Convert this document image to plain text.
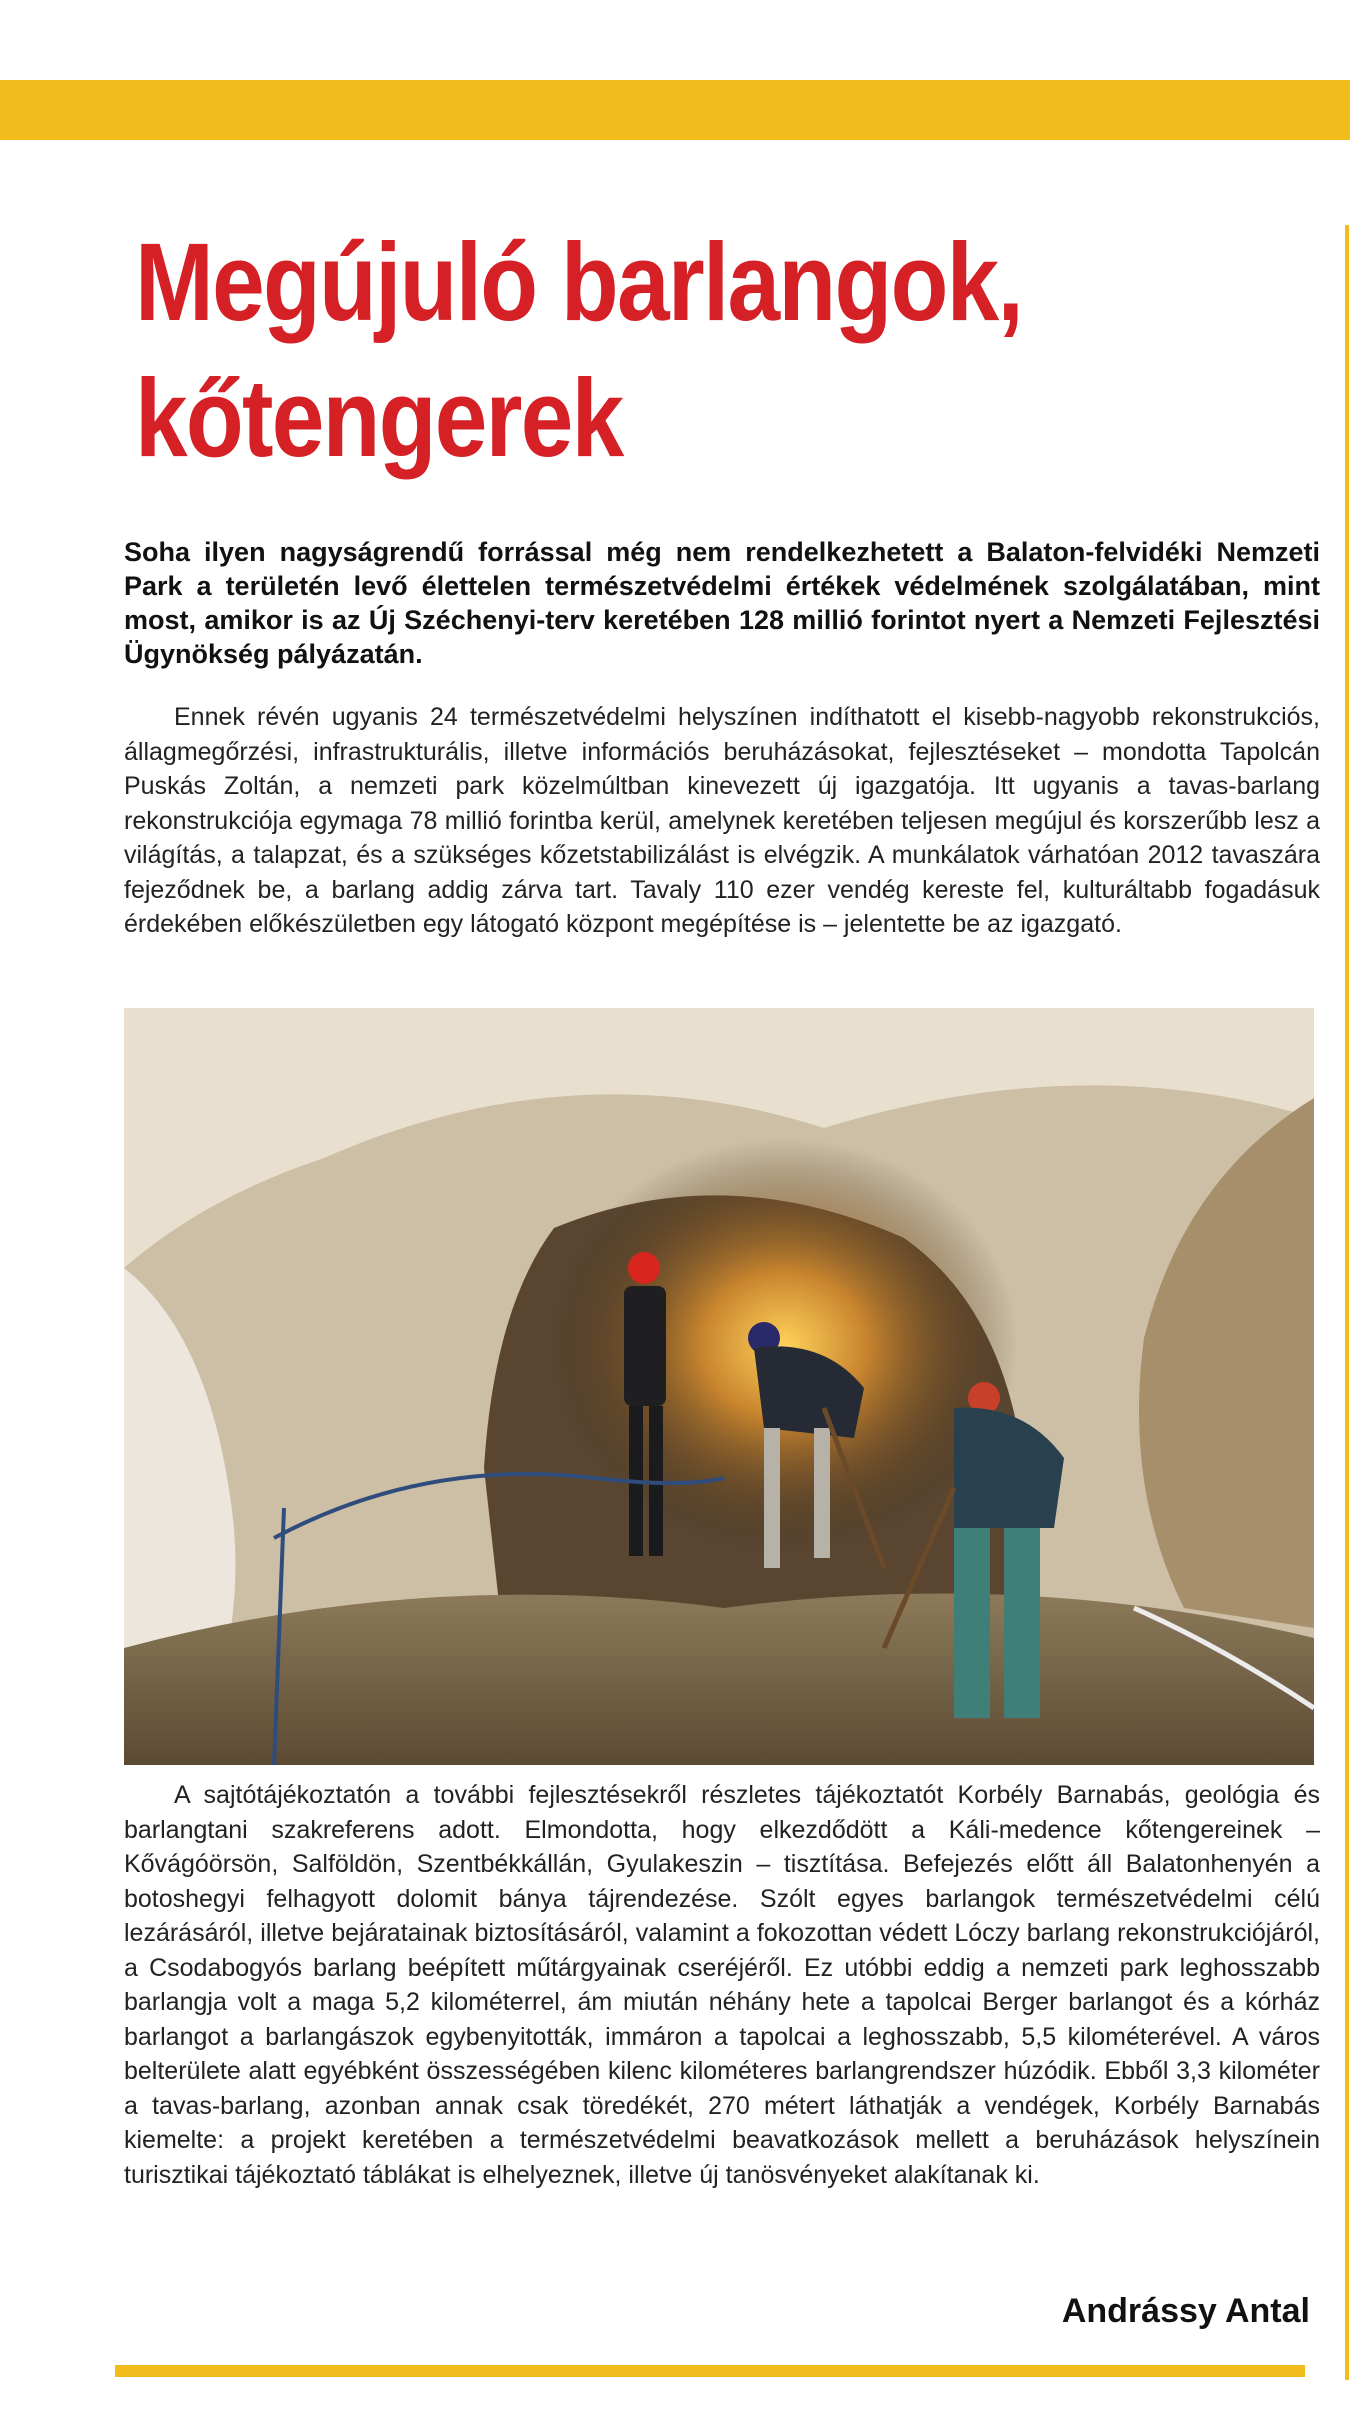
Megújuló barlangok,
kőtengerek

Soha ilyen nagyságrendű forrással még nem rendelkezhetett a Balaton-felvidéki Nemzeti Park a területén levő élettelen természetvédelmi értékek védelmének szolgálatában, mint most, amikor is az Új Széchenyi-terv keretében 128 millió forintot nyert a Nemzeti Fejlesztési Ügynökség pályázatán.

Ennek révén ugyanis 24 természetvédelmi helyszínen indíthatott el kisebb-nagyobb rekonstrukciós, állagmegőrzési, infrastrukturális, illetve információs beruházásokat, fejlesztéseket – mondotta Tapolcán Puskás Zoltán, a nemzeti park közelmúltban kinevezett új igazgatója. Itt ugyanis a tavas-barlang rekonstrukciója egymaga 78 millió forintba kerül, amelynek keretében teljesen megújul és korszerűbb lesz a világítás, a talapzat, és a szükséges kőzetstabilizálást is elvégzik. A munkálatok várhatóan 2012 tavaszára fejeződnek be, a barlang addig zárva tart. Tavaly 110 ezer vendég kereste fel, kulturáltabb fogadásuk érdekében előkészületben egy látogató központ megépítése is – jelentette be az igazgató.

A sajtótájékoztatón a további fejlesztésekről részletes tájékoztatót Korbély Barnabás, geológia és barlangtani szakreferens adott. Elmondotta, hogy elkezdődött a Káli-medence kőtengereinek – Kővágóörsön, Salföldön, Szentbékkállán, Gyulakeszin – tisztítása. Befejezés előtt áll Balatonhenyén a botoshegyi felhagyott dolomit bánya tájrendezése. Szólt egyes barlangok természetvédelmi célú lezárásáról, illetve bejáratainak biztosításáról, valamint a fokozottan védett Lóczy barlang rekonstrukciójáról, a Csodabogyós barlang beépített műtárgyainak cseréjéről. Ez utóbbi eddig a nemzeti park leghosszabb barlangja volt a maga 5,2 kilométerrel, ám miután néhány hete a tapolcai Berger barlangot és a kórház barlangot a barlangászok egybenyitották, immáron a tapolcai a leghosszabb, 5,5 kilométerével. A város belterülete alatt egyébként összességében kilenc kilométeres barlangrendszer húzódik. Ebből 3,3 kilométer a tavas-barlang, azonban annak csak töredékét, 270 métert láthatják a vendégek, Korbély Barnabás kiemelte: a projekt keretében a természetvédelmi beavatkozások mellett a beruházások helyszínein turisztikai tájékoztató táblákat is elhelyeznek, illetve új tanösvényeket alakítanak ki.

Andrássy Antal
